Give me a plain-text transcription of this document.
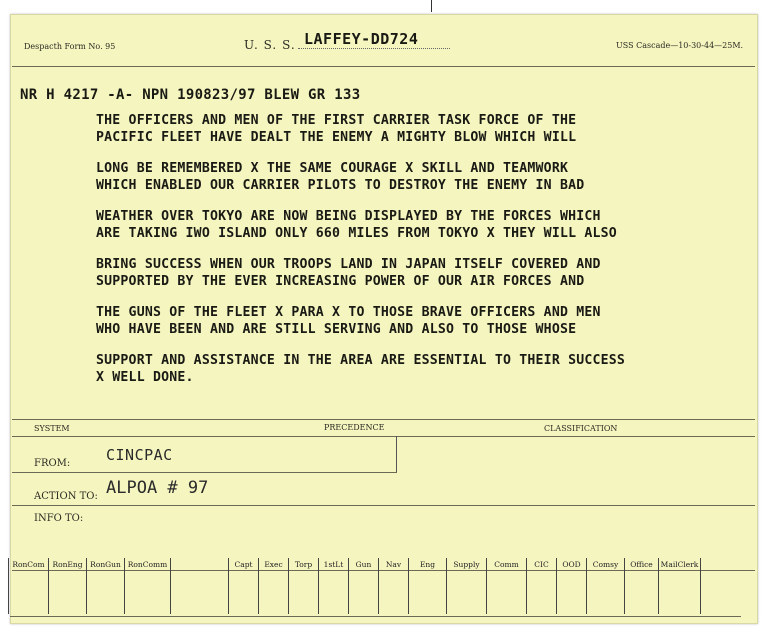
Despacth Form No. 95	U. S. S. LAFFEY-DD724	USS Cascade—10-30-44—25M.
NR H 4217 -A- NPN 190823/97 BLEW GR 133
THE OFFICERS AND MEN OF THE FIRST CARRIER TASK FORCE OF THE
PACIFIC FLEET HAVE DEALT THE ENEMY A MIGHTY BLOW WHICH WILL
LONG BE REMEMBERED X THE SAME COURAGE X SKILL AND TEAMWORK
WHICH ENABLED OUR CARRIER PILOTS TO DESTROY THE ENEMY IN BAD
WEATHER OVER TOKYO ARE NOW BEING DISPLAYED BY THE FORCES WHICH
ARE TAKING IWO ISLAND ONLY 660 MILES FROM TOKYO X THEY WILL ALSO
BRING SUCCESS WHEN OUR TROOPS LAND IN JAPAN ITSELF COVERED AND
SUPPORTED BY THE EVER INCREASING POWER OF OUR AIR FORCES AND
THE GUNS OF THE FLEET X PARA X TO THOSE BRAVE OFFICERS AND MEN
WHO HAVE BEEN AND ARE STILL SERVING AND ALSO TO THOSE WHOSE
SUPPORT AND ASSISTANCE IN THE AREA ARE ESSENTIAL TO THEIR SUCCESS
X WELL DONE.
SYSTEM	PRECEDENCE	CLASSIFICATION
FROM: CINCPAC
ACTION TO: ALPOA # 97
INFO TO:
RonCom	RonEng	RonGun RonComm	Capt	Exec	Torp	1stLt	Gun	Nav	Eng	Supply	Comm	CIC	OOD	Comsy	Office	MailClerk
